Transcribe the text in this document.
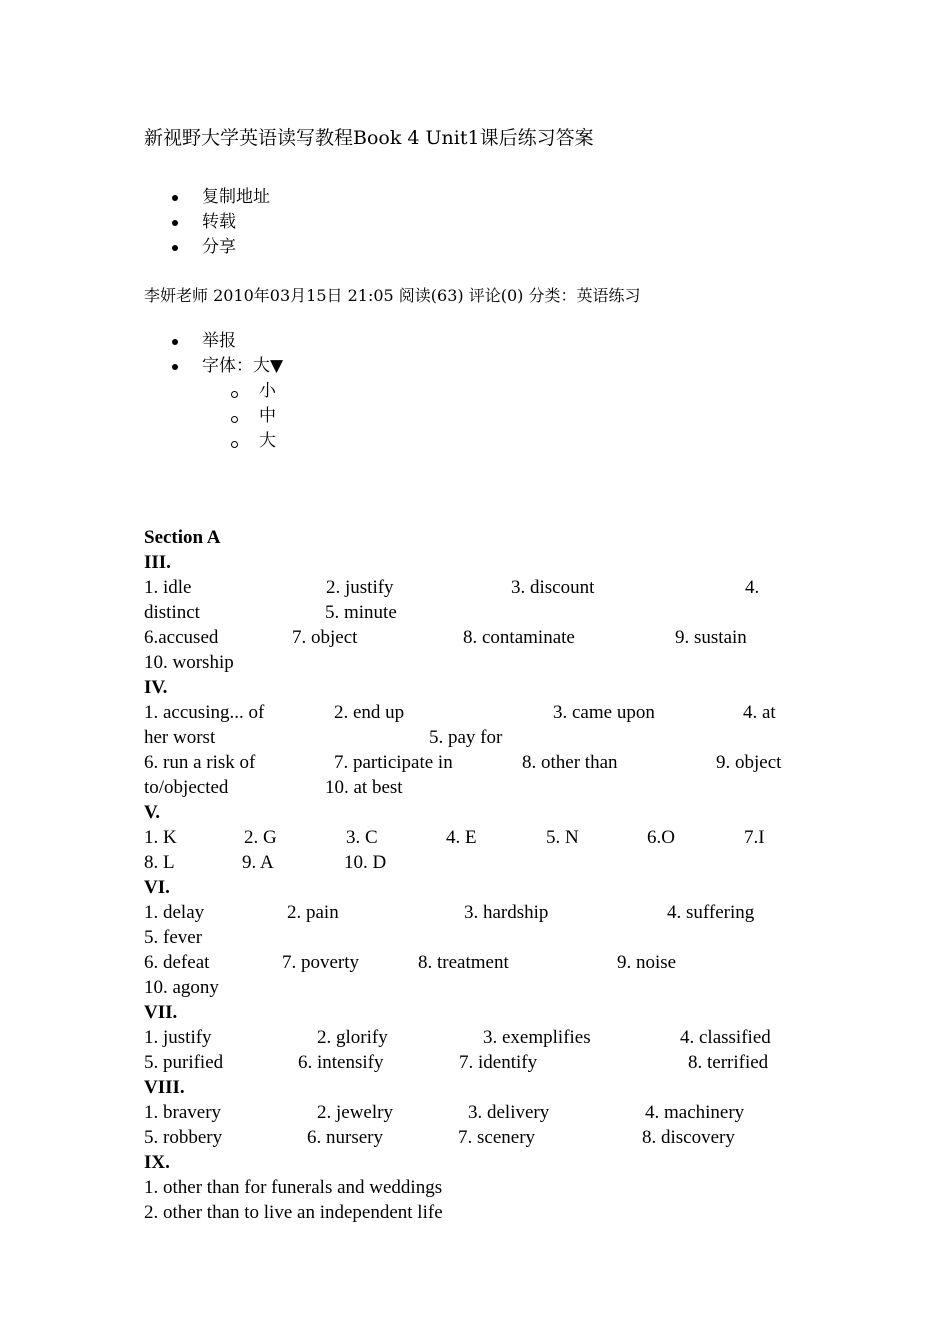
新视野大学英语读写教程Book 4 Unit1课后练习答案
复制地址
转载
分享
李妍老师 2010年03月15日 21:05 阅读(63) 评论(0) 分类：英语练习
举报
字体：大▼
小
中
大
Section A
III.
1. idle	2. justify	3. discount	4.
distinct	5. minute
6.accused	7. object	8. contaminate	9. sustain
10. worship
IV.
1. accusing... of	2. end up	3. came upon	4. at
her worst	5. pay for
6. run a risk of	7. participate in	8. other than	9. object
to/objected	10. at best
V.
1. K	2. G	3. C	4. E	5. N	6.O	7.I
8. L	9. A	10. D
VI.
1. delay	2. pain	3. hardship	4. suffering
5. fever
6. defeat	7. poverty	8. treatment	9. noise
10. agony
VII.
1. justify	2. glorify	3. exemplifies	4. classified
5. purified	6. intensify	7. identify	8. terrified
VIII.
1. bravery	2. jewelry	3. delivery	4. machinery
5. robbery	6. nursery	7. scenery	8. discovery
IX.
1. other than for funerals and weddings
2. other than to live an independent life
